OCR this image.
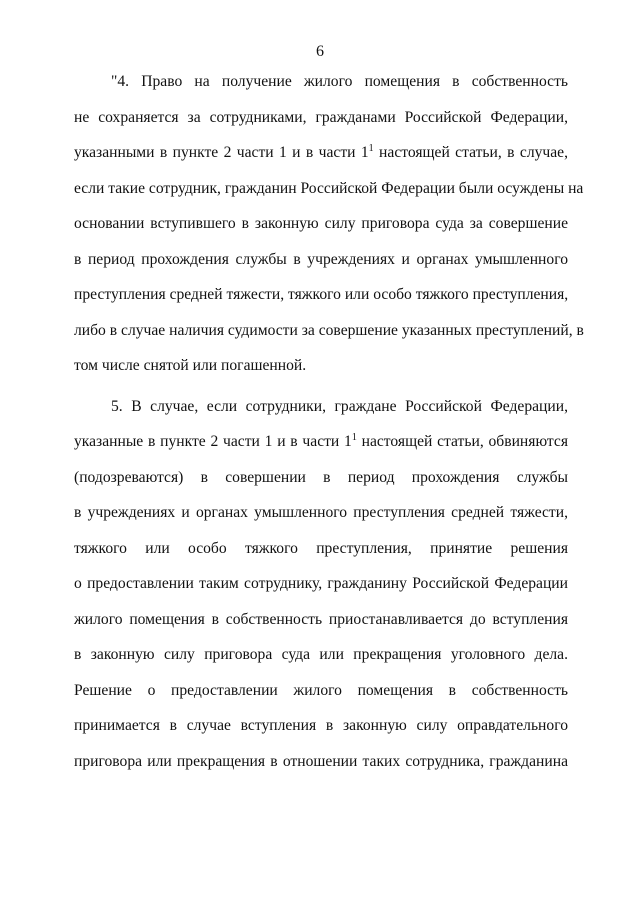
6
"4. Право на получение жилого помещения в собственность
не сохраняется за сотрудниками, гражданами Российской Федерации,
указанными в пункте 2 части 1 и в части $1^1$ настоящей статьи, в случае,
если такие сотрудник, гражданин Российской Федерации были осуждены на
основании вступившего в законную силу приговора суда за совершение
в период прохождения службы в учреждениях и органах умышленного
преступления средней тяжести, тяжкого или особо тяжкого преступления,
либо в случае наличия судимости за совершение указанных преступлений, в
том числе снятой или погашенной.
5. В случае, если сотрудники, граждане Российской Федерации,
указанные в пункте 2 части 1 и в части $1^1$ настоящей статьи, обвиняются
(подозреваются) в совершении в период прохождения службы
в учреждениях и органах умышленного преступления средней тяжести,
тяжкого или особо тяжкого преступления, принятие решения
о предоставлении таким сотруднику, гражданину Российской Федерации
жилого помещения в собственность приостанавливается до вступления
в законную силу приговора суда или прекращения уголовного дела.
Решение о предоставлении жилого помещения в собственность
принимается в случае вступления в законную силу оправдательного
приговора или прекращения в отношении таких сотрудника, гражданина
